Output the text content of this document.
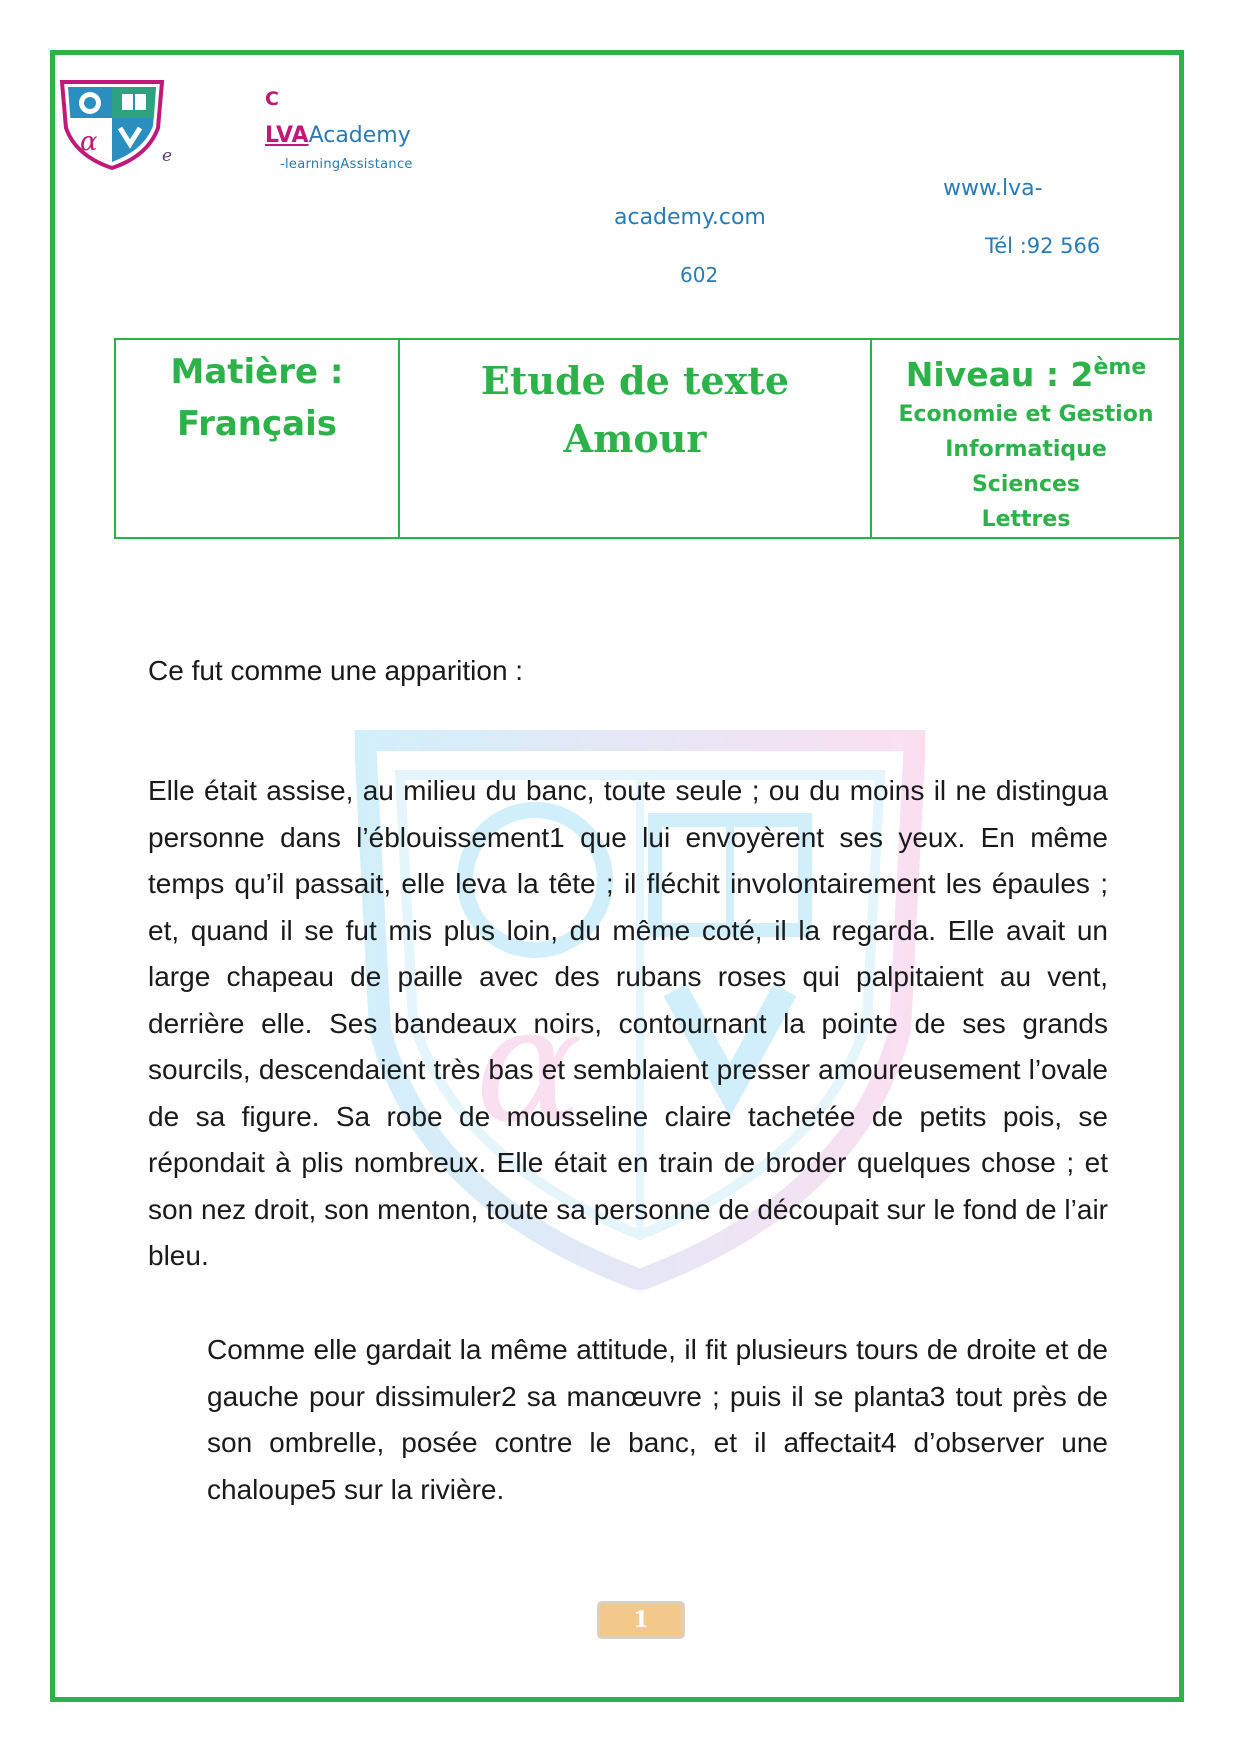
α	e
C
LVAAcademy
-learningAssistance
www.lva-
academy.com
Tél :92 566
602
Matière :
Français

Etude de texte
Amour

Niveau : 2ème
Economie et Gestion
Informatique
Sciences
Lettres
α
Ce fut comme une apparition :
Elle était assise, au milieu du banc, toute seule ; ou du moins il ne distingua personne dans l’éblouissement1 que lui envoyèrent ses yeux. En même temps qu’il passait, elle leva la tête ; il fléchit involontairement les épaules ; et, quand il se fut mis plus loin, du même coté, il la regarda. Elle avait un large chapeau de paille avec des rubans roses qui palpitaient au vent, derrière elle. Ses bandeaux noirs, contournant la pointe de ses grands sourcils, descendaient très bas et semblaient presser amoureusement l’ovale de sa figure. Sa robe de mousseline claire tachetée de petits pois, se répondait à plis nombreux. Elle était en train de broder quelques chose ; et son nez droit, son menton, toute sa personne de découpait sur le fond de l’air bleu.
Comme elle gardait la même attitude, il fit plusieurs tours de droite et de gauche pour dissimuler2 sa manœuvre ; puis il se planta3 tout près de son ombrelle, posée contre le banc, et il affectait4 d’observer une chaloupe5 sur la rivière.
1
